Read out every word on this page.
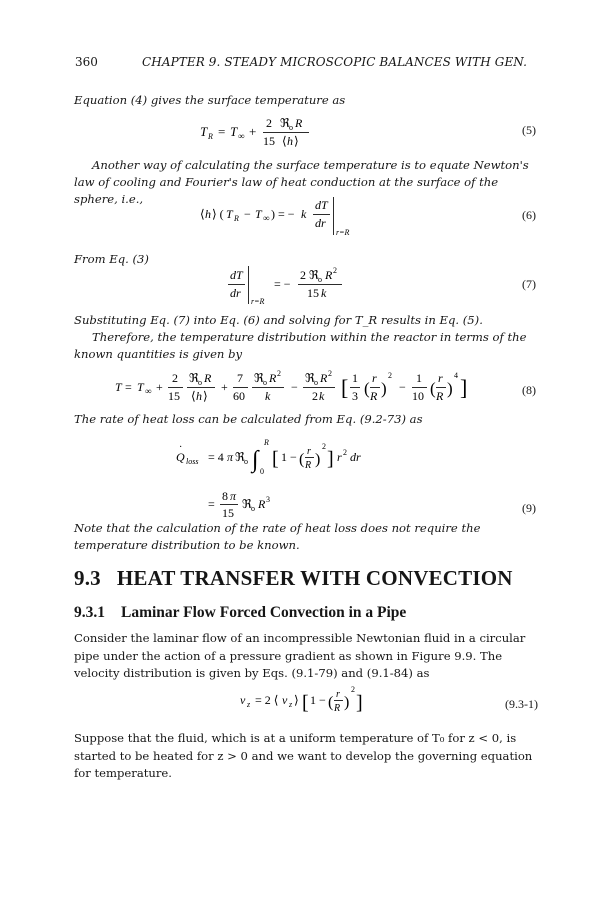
360	CHAPTER 9. STEADY MICROSCOPIC BALANCES WITH GEN.
Equation (4) gives the surface temperature as
T R = T ∞ +
2 ℜ o R
15 ⟨ h ⟩
(5)
Another way of calculating the surface temperature is to equate Newton's law of cooling and Fourier's law of heat conduction at the surface of the sphere, i.e.,
⟨ h ⟩ ( T R − T ∞ ) = − k
dT
dr
r=R
(6)
From Eq. (3)
dT
dr
r=R
= −
2 ℜ o R 2
15 k
(7)
Substituting Eq. (7) into Eq. (6) and solving for T_R results in Eq. (5).
Therefore, the temperature distribution within the reactor in terms of the known quantities is given by
T = T ∞ +
2
15
ℜ o R
⟨ h ⟩
+
7
60
ℜ o R 2
k
−
ℜ o R 2
2 k [ 1
3 (
r
R )
2
−
1
10 (
r
R )
4 ]	(8)
The rate of heat loss can be calculated from Eq. (9.2-73) as
Q
·
loss = 4 π ℜ o ∫
R
0
[ 1 − ( r
R )
2
] r 2 dr
=
8 π
15
ℜ o R 3
(9)
Note that the calculation of the rate of heat loss does not require the temperature distribution to be known.
9.3 HEAT TRANSFER WITH CONVECTION
9.3.1 Laminar Flow Forced Convection in a Pipe
Consider the laminar flow of an incompressible Newtonian fluid in a circular pipe under the action of a pressure gradient as shown in Figure 9.9. The velocity distribution is given by Eqs. (9.1-79) and (9.1-84) as
v z = 2 ⟨ v z ⟩ [ 1 − ( r
R )
2
]	(9.3-1)
Suppose that the fluid, which is at a uniform temperature of T₀ for z < 0, is started to be heated for z > 0 and we want to develop the governing equation for temperature.
